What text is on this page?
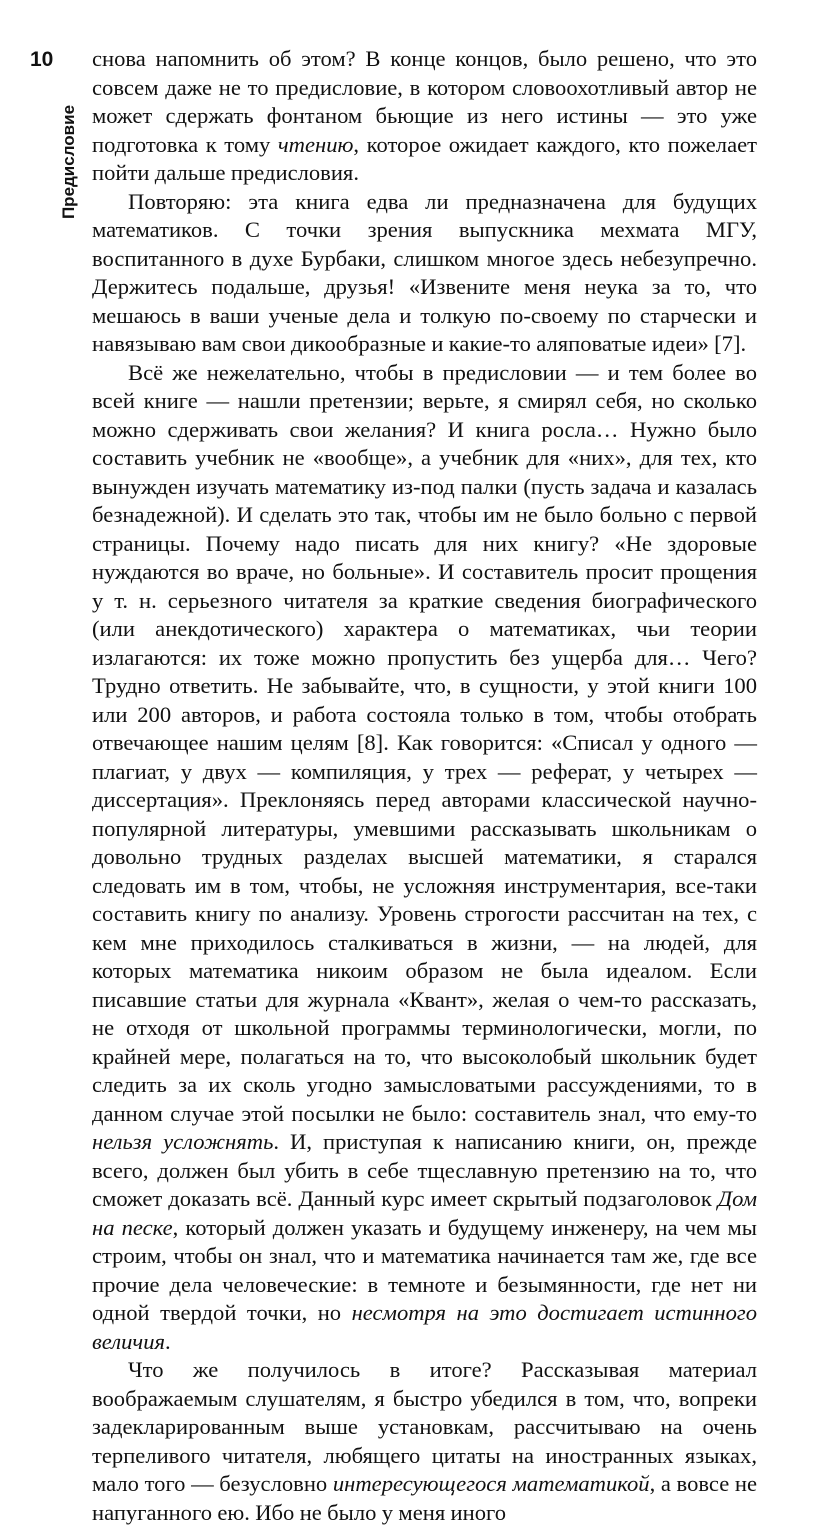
10
Предисловие

снова напомнить об этом? В конце концов, было решено, что это совсем даже не то предисловие, в котором словоохотливый автор не может сдержать фонтаном бьющие из него истины — это уже подготовка к тому чтению, которое ожидает каждого, кто пожелает пойти дальше предисловия.

Повторяю: эта книга едва ли предназначена для будущих математиков. С точки зрения выпускника мехмата МГУ, воспитанного в духе Бурбаки, слишком многое здесь небезупречно. Держитесь подальше, друзья! «Извените меня неука за то, что мешаюсь в ваши ученые дела и толкую по-своему по старчески и навязываю вам свои дикообразные и какие-то аляповатые идеи» [7].

Всё же нежелательно, чтобы в предисловии — и тем более во всей книге — нашли претензии; верьте, я смирял себя, но сколько можно сдерживать свои желания? И книга росла… Нужно было составить учебник не «вообще», а учебник для «них», для тех, кто вынужден изучать математику из-под палки (пусть задача и казалась безнадежной). И сделать это так, чтобы им не было больно с первой страницы. Почему надо писать для них книгу? «Не здоровые нуждаются во враче, но больные». И составитель просит прощения у т. н. серьезного читателя за краткие сведения биографического (или анекдотического) характера о математиках, чьи теории излагаются: их тоже можно пропустить без ущерба для… Чего? Трудно ответить. Не забывайте, что, в сущности, у этой книги 100 или 200 авторов, и работа состояла только в том, чтобы отобрать отвечающее нашим целям [8]. Как говорится: «Списал у одного — плагиат, у двух — компиляция, у трех — реферат, у четырех — диссертация». Преклоняясь перед авторами классической научно-популярной литературы, умевшими рассказывать школьникам о довольно трудных разделах высшей математики, я старался следовать им в том, чтобы, не усложняя инструментария, все-таки составить книгу по анализу. Уровень строгости рассчитан на тех, с кем мне приходилось сталкиваться в жизни, — на людей, для которых математика никоим образом не была идеалом. Если писавшие статьи для журнала «Квант», желая о чем-то рассказать, не отходя от школьной программы терминологически, могли, по крайней мере, полагаться на то, что высоколобый школьник будет следить за их сколь угодно замысловатыми рассуждениями, то в данном случае этой посылки не было: составитель знал, что ему-то нельзя усложнять. И, приступая к написанию книги, он, прежде всего, должен был убить в себе тщеславную претензию на то, что сможет доказать всё. Данный курс имеет скрытый подзаголовок Дом на песке, который должен указать и будущему инженеру, на чем мы строим, чтобы он знал, что и математика начинается там же, где все прочие дела человеческие: в темноте и безымянности, где нет ни одной твердой точки, но несмотря на это достигает истинного величия.

Что же получилось в итоге? Рассказывая материал воображаемым слушателям, я быстро убедился в том, что, вопреки задекларированным выше установкам, рассчитываю на очень терпеливого читателя, любящего цитаты на иностранных языках, мало того — безусловно интересующегося математикой, а вовсе не напуганного ею. Ибо не было у меня иного
